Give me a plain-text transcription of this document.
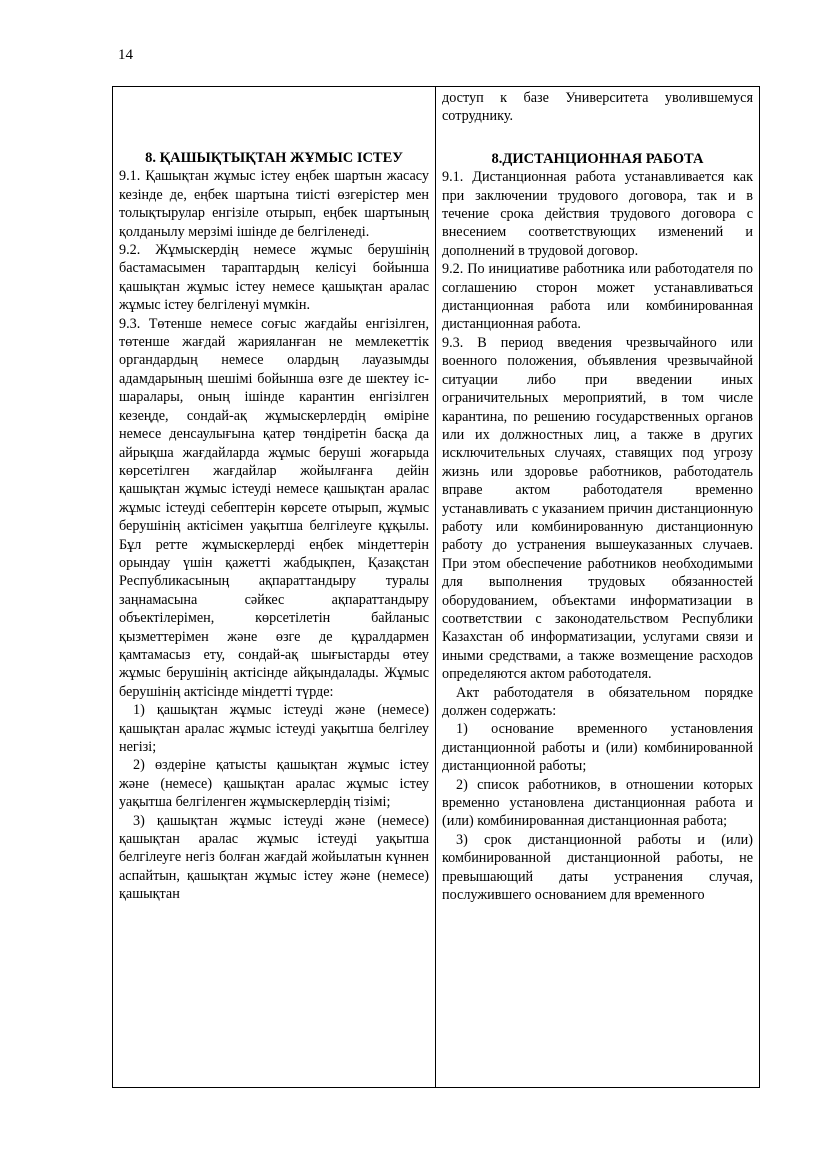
14

8. ҚАШЫҚТЫҚТАН ЖҰМЫС ІСТЕУ

9.1. Қашықтан жұмыс істеу еңбек шартын жасасу кезінде де, еңбек шартына тиісті өзгерістер мен толықтырулар енгізіле отырып, еңбек шартының қолданылу мерзімі ішінде де белгіленеді.

9.2. Жұмыскердің немесе жұмыс берушінің бастамасымен тараптардың келісуі бойынша қашықтан жұмыс істеу немесе қашықтан аралас жұмыс істеу белгіленуі мүмкін.

9.3. Төтенше немесе соғыс жағдайы енгізілген, төтенше жағдай жарияланған не мемлекеттік органдардың немесе олардың лауазымды адамдарының шешімі бойынша өзге де шектеу іс-шаралары, оның ішінде карантин енгізілген кезеңде, сондай-ақ жұмыскерлердің өміріне немесе денсаулығына қатер төндіретін басқа да айрықша жағдайларда жұмыс беруші жоғарыда көрсетілген жағдайлар жойылғанға дейін қашықтан жұмыс істеуді немесе қашықтан аралас жұмыс істеуді себептерін көрсете отырып, жұмыс берушінің актісімен уақытша белгілеуге құқылы. Бұл ретте жұмыскерлерді еңбек міндеттерін орындау үшін қажетті жабдықпен, Қазақстан Республикасының ақпараттандыру туралы заңнамасына сәйкес ақпараттандыру объектілерімен, көрсетілетін байланыс қызметтерімен және өзге де құралдармен қамтамасыз ету, сондай-ақ шығыстарды өтеу жұмыс берушінің актісінде айқындалады. Жұмыс берушінің актісінде міндетті түрде:

1) қашықтан жұмыс істеуді және (немесе) қашықтан аралас жұмыс істеуді уақытша белгілеу негізі;

2) өздеріне қатысты қашықтан жұмыс істеу және (немесе) қашықтан аралас жұмыс істеу уақытша белгіленген жұмыскерлердің тізімі;

3) қашықтан жұмыс істеуді және (немесе) қашықтан аралас жұмыс істеуді уақытша белгілеуге негіз болған жағдай жойылатын күннен аспайтын, қашықтан жұмыс істеу және (немесе) қашықтан

доступ к базе Университета уволившемуся сотруднику.

8.ДИСТАНЦИОННАЯ РАБОТА

9.1. Дистанционная работа устанавливается как при заключении трудового договора, так и в течение срока действия трудового договора с внесением соответствующих изменений и дополнений в трудовой договор.

9.2. По инициативе работника или работодателя по соглашению сторон может устанавливаться дистанционная работа или комбинированная дистанционная работа.

9.3. В период введения чрезвычайного или военного положения, объявления чрезвычайной ситуации либо при введении иных ограничительных мероприятий, в том числе карантина, по решению государственных органов или их должностных лиц, а также в других исключительных случаях, ставящих под угрозу жизнь или здоровье работников, работодатель вправе актом работодателя временно устанавливать с указанием причин дистанционную работу или комбинированную дистанционную работу до устранения вышеуказанных случаев. При этом обеспечение работников необходимыми для выполнения трудовых обязанностей оборудованием, объектами информатизации в соответствии с законодательством Республики Казахстан об информатизации, услугами связи и иными средствами, а также возмещение расходов определяются актом работодателя.

Акт работодателя в обязательном порядке должен содержать:

1) основание временного установления дистанционной работы и (или) комбинированной дистанционной работы;

2) список работников, в отношении которых временно установлена дистанционная работа и (или) комбинированная дистанционная работа;

3) срок дистанционной работы и (или) комбинированной дистанционной работы, не превышающий даты устранения случая, послужившего основанием для временного
